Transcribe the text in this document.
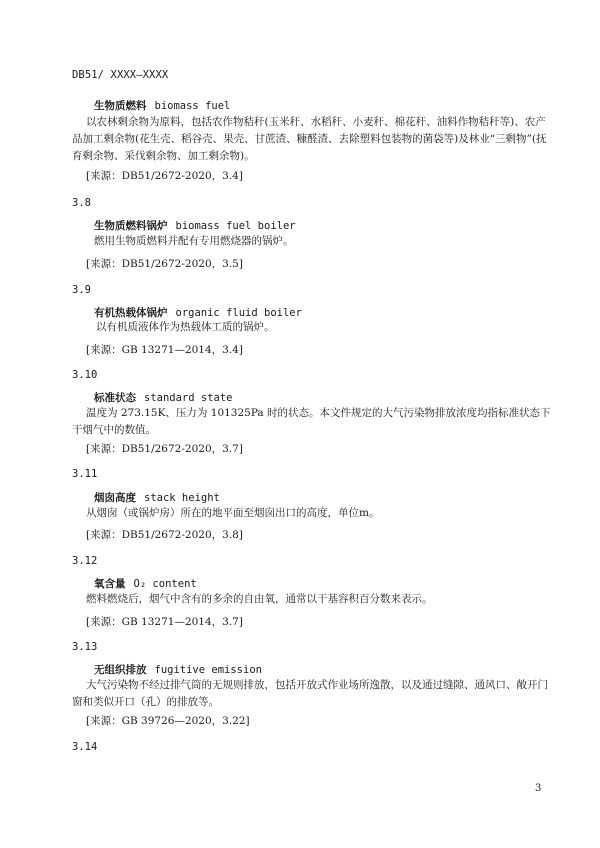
DB51/ XXXX—XXXX
生物质燃料 biomass fuel
以农林剩余物为原料，包括农作物秸秆(玉米秆、水稻秆、小麦秆、棉花秆、油料作物秸秆等)、农产品加工剩余物(花生壳、稻谷壳、果壳、甘蔗渣、糠醛渣、去除塑料包装物的菌袋等)及林业“三剩物”(抚育剩余物、采伐剩余物、加工剩余物)。
[来源：DB51/2672-2020，3.4]
3.8
生物质燃料锅炉 biomass fuel boiler
燃用生物质燃料并配有专用燃烧器的锅炉。
[来源：DB51/2672-2020，3.5]
3.9
有机热载体锅炉 organic fluid boiler
以有机质液体作为热载体工质的锅炉。
[来源：GB 13271—2014，3.4]
3.10
标准状态 standard state
温度为 273.15K、压力为 101325Pa 时的状态。本文件规定的大气污染物排放浓度均指标准状态下干烟气中的数值。
[来源：DB51/2672-2020，3.7]
3.11
烟囱高度 stack height
从烟囱（或锅炉房）所在的地平面至烟囱出口的高度，单位m。
[来源：DB51/2672-2020，3.8]
3.12
氧含量 O₂ content
燃料燃烧后，烟气中含有的多余的自由氧，通常以干基容积百分数来表示。
[来源：GB 13271—2014，3.7]
3.13
无组织排放 fugitive emission
大气污染物不经过排气筒的无规则排放，包括开放式作业场所逸散，以及通过缝隙、通风口、敞开门窗和类似开口（孔）的排放等。
[来源：GB 39726—2020，3.22]
3.14
3
